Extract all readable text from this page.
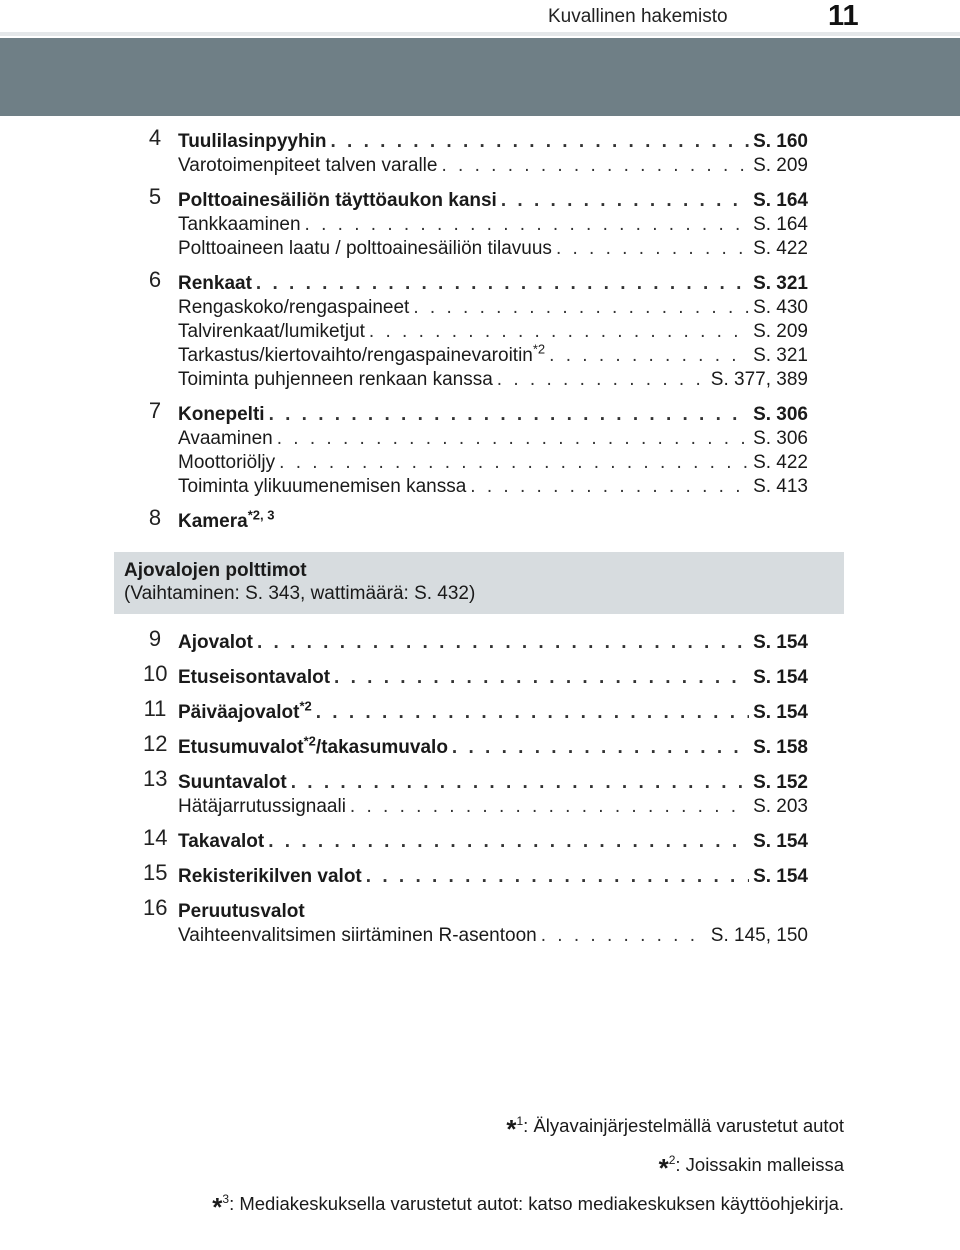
Kuvallinen hakemisto	11
4 Tuulilasinpyyhin . . .	S. 160
Varotoimenpiteet talven varalle . . .	S. 209
5 Polttoainesäiliön täyttöaukon kansi . . .	S. 164
Tankkaaminen . . .	S. 164
Polttoaineen laatu / polttoainesäiliön tilavuus . . .	S. 422
6 Renkaat . . .	S. 321
Rengaskoko/rengaspaineet . . .	S. 430
Talvirenkaat/lumiketjut . . .	S. 209
Tarkastus/kiertovaihto/rengaspainevaroitin$^{*2}$ . . .	S. 321
Toiminta puhjenneen renkaan kanssa . . .	S. 377, 389
7 Konepelti . . .	S. 306
Avaaminen . . .	S. 306
Moottoriöljy . . .	S. 422
Toiminta ylikuumenemisen kanssa . . .	S. 413
8 Kamera$^{*2, 3}$
Ajovalojen polttimot
(Vaihtaminen: S. 343, wattimäärä: S. 432)
9 Ajovalot . . .	S. 154
10 Etuseisontavalot . . .	S. 154
11 Päiväajovalot$^{*2}$ . . .	S. 154
12 Etusumuvalot$^{*2}$/takasumuvalo . . .	S. 158
13 Suuntavalot . . .	S. 152
Hätäjarrutussignaali . . .	S. 203
14 Takavalot . . .	S. 154
15 Rekisterikilven valot . . .	S. 154
16 Peruutusvalot
Vaihteenvalitsimen siirtäminen R-asentoon . . .	S. 145, 150
*$^1$: Älyavainjärjestelmällä varustetut autot
*$^2$: Joissakin malleissa
*$^3$: Mediakeskuksella varustetut autot: katso mediakeskuksen käyttöohjekirja.
